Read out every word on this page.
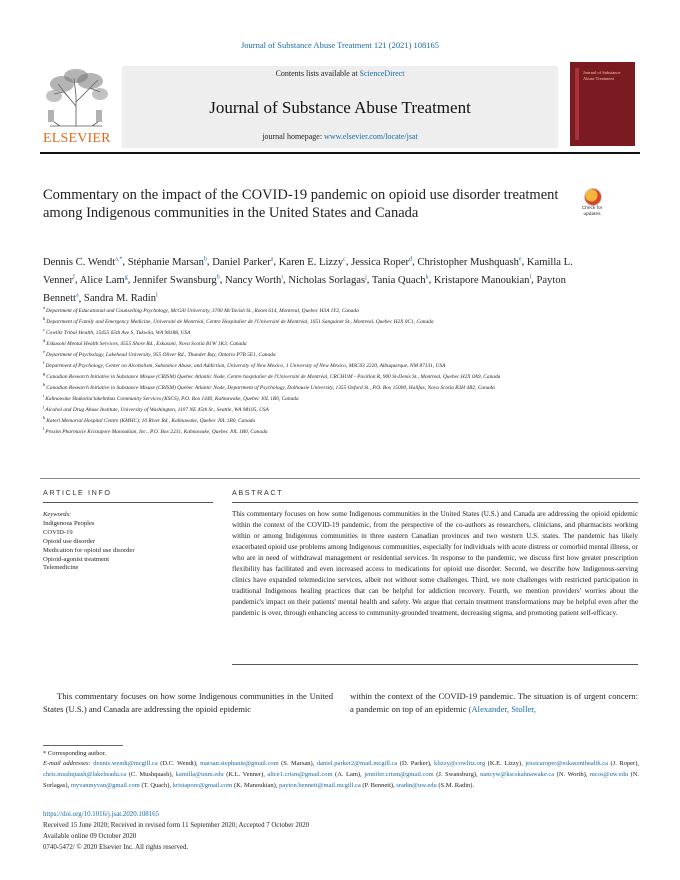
Journal of Substance Abuse Treatment 121 (2021) 108165
ELSEVIER
Contents lists available at ScienceDirect
Journal of Substance Abuse Treatment
journal homepage: www.elsevier.com/locate/jsat
Journal of Substance Abuse Treatment
Commentary on the impact of the COVID-19 pandemic on opioid use disorder treatment among Indigenous communities in the United States and Canada	Check for updates
Dennis C. Wendt$^{a,*}$, Stéphanie Marsan$^b$, Daniel Parker$^a$, Karen E. Lizzy$^c$, Jessica Roper$^d$, Christopher Mushquash$^e$, Kamilla L. Venner$^f$, Alice Lam$^g$, Jennifer Swansburg$^h$, Nancy Worth$^i$, Nicholas Sorlagas$^j$, Tania Quach$^k$, Kristapore Manoukian$^l$, Payton Bennett$^a$, Sandra M. Radin$^l$
$^a$Department of Educational and Counselling Psychology, McGill University, 3700 McTavish St., Room 614, Montreal, Quebec H3A 1Y2, Canada
$^b$Department of Family and Emergency Medicine, Université de Montréal, Centre Hospitalier de l'Université de Montréal, 1051 Sanguinet St., Montreal, Quebec H2X 0C1, Canada
$^c$Cowlitz Tribal Health, 15455 65th Ave S, Tukwila, WA 98188, USA
$^d$Eskasoni Mental Health Services, 4555 Shore Rd., Eskasoni, Nova Scotia B1W 1K3, Canada
$^e$Department of Psychology, Lakehead University, 955 Oliver Rd., Thunder Bay, Ontario P7B 5E1, Canada
$^f$Department of Psychology, Center on Alcoholism, Substance Abuse, and Addiction, University of New Mexico, 1 University of New Mexico, MSC03 2220, Albuquerque, NM 87131, USA
$^g$Canadian Research Initiative in Substance Misuse (CRISM) Quebec Atlantic Node, Centre hospitalier de l'Université de Montréal, CRCHUM - Pavillon R, 900 St-Denis St., Montreal, Quebec H2X 0A9, Canada
$^h$Canadian Research Initiative in Substance Misuse (CRISM) Quebec Atlantic Node, Department of Psychology, Dalhousie University, 1355 Oxford St., P.O. Box 15000, Halifax, Nova Scotia B3H 4R2, Canada
$^i$Kahnawake Shakotiia'takehnhas Community Services (KSCS), P.O. Box 1440, Kahnawake, Quebec J0L 1B0, Canada
$^j$Alcohol and Drug Abuse Institute, University of Washington, 1107 NE 45th St., Seattle, WA 98105, USA
$^k$Kateri Memorial Hospital Centre (KMHC), 10 River Rd., Kahnawake, Quebec J0L 1B0, Canada
$^l$Proxim Pharmacie Kristapore Manoukian, Inc., P.O. Box 2231, Kahnawake, Quebec J0L 1B0, Canada
ARTICLE INFO	ABSTRACT
Keywords:
Indigenous Peoples
COVID-19
Opioid use disorder
Medication for opioid use disorder
Opioid-agonist treatment
Telemedicine
This commentary focuses on how some Indigenous communities in the United States (U.S.) and Canada are addressing the opioid epidemic within the context of the COVID-19 pandemic, from the perspective of the co-authors as researchers, clinicians, and pharmacists working within or among Indigenous communities in three eastern Canadian provinces and two western U.S. states. The pandemic has likely exacerbated opioid use problems among Indigenous communities, especially for individuals with acute distress or comorbid mental illness, or who are in need of withdrawal management or residential services. In response to the pandemic, we discuss first how greater prescription flexibility has facilitated and even increased access to medications for opioid use disorder. Second, we describe how Indigenous-serving clinics have expanded telemedicine services, albeit not without some challenges. Third, we note challenges with restricted participation in traditional Indigenous healing practices that can be helpful for addiction recovery. Fourth, we mention providers' worries about the pandemic's impact on their patients' mental health and safety. We argue that certain treatment transformations may be helpful even after the pandemic is over, through enhancing access to community-grounded treatment, decreasing stigma, and promoting patient self-efficacy.
This commentary focuses on how some Indigenous communities in the United States (U.S.) and Canada are addressing the opioid epidemic
within the context of the COVID-19 pandemic. The situation is of urgent concern: a pandemic on top of an epidemic (Alexander, Stoller,
* Corresponding author.
E-mail addresses: dennis.wendt@mcgill.ca (D.C. Wendt), marsan.stephanie@gmail.com (S. Marsan), daniel.parker2@mail.mcgill.ca (D. Parker), klizzy@cowlitz.org (K.E. Lizzy), jessicaroper@eskasonihealth.ca (J. Roper), chris.mushquash@lakeheadu.ca (C. Mushquash), kamilla@unm.edu (K.L. Venner), alice1.crism@gmail.com (A. Lam), jennifer.crism@gmail.com (J. Swansburg), nancyw@kscskahnawake.ca (N. Worth), nicos@uw.edu (N. Sorlagas), myvanmyvan@gmail.com (T. Quach), kristapore@gmail.com (K. Manoukian), payton.bennett@mail.mcgill.ca (P. Bennett), sradin@uw.edu (S.M. Radin).
https://doi.org/10.1016/j.jsat.2020.108165
Received 15 June 2020; Received in revised form 11 September 2020; Accepted 7 October 2020
Available online 09 October 2020
0740-5472/ © 2020 Elsevier Inc. All rights reserved.
